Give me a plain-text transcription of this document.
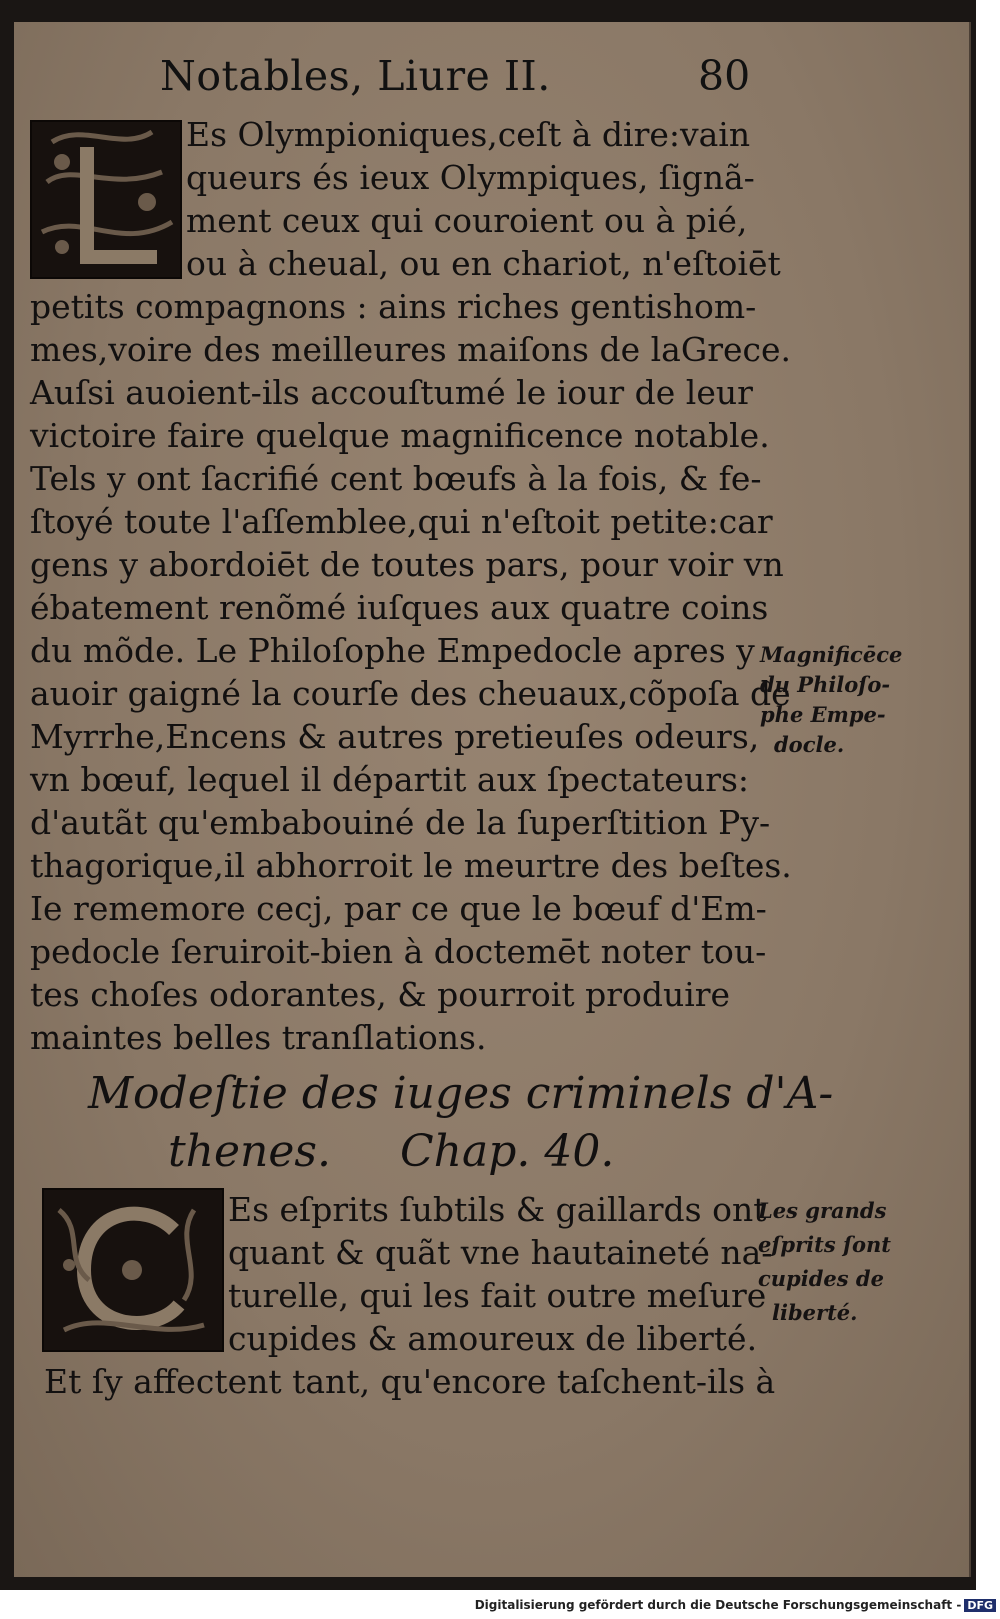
Notables, Liure II.	80
Es Olympioniques,ceſt à dire:vain
queurs és ieux Olympiques, ſignã-
ment ceux qui couroient ou à pié,
ou à cheual, ou en chariot, n'eſtoiēt
petits compagnons : ains riches gentishom-
mes,voire des meilleures maiſons de laGrece.
Auſsi auoient-ils accouſtumé le iour de leur
victoire faire quelque magnificence notable.
Tels y ont ſacrifié cent bœufs à la fois, & fe-
ſtoyé toute l'aſſemblee,qui n'eſtoit petite:car
gens y abordoiēt de toutes pars, pour voir vn
ébatement renõmé iuſques aux quatre coins
du mõde. Le Philoſophe Empedocle apres y
auoir gaigné la courſe des cheuaux,cõpoſa de
Myrrhe,Encens & autres pretieuſes odeurs,
vn bœuf, lequel il départit aux ſpectateurs:
d'autãt qu'embabouiné de la ſuperſtition Py-
thagorique,il abhorroit le meurtre des beſtes.
Ie rememore cecj, par ce que le bœuf d'Em-
pedocle ſeruiroit-bien à doctemēt noter tou-
tes choſes odorantes, & pourroit produire
maintes belles tranſlations.
Magnificēce
du Philoſo-
phe Empe-
docle.
Modeſtie des iuges criminels d'A-
thenes. Chap. 40.
Es eſprits ſubtils & gaillards ont
quant & quãt vne hautaineté na-
turelle, qui les fait outre meſure
cupides & amoureux de liberté.
Et ſy affectent tant, qu'encore taſchent-ils à
Les grands
eſprits ſont
cupides de
liberté.
Digitalisierung gefördert durch die Deutsche Forschungsgemeinschaft - DFG
